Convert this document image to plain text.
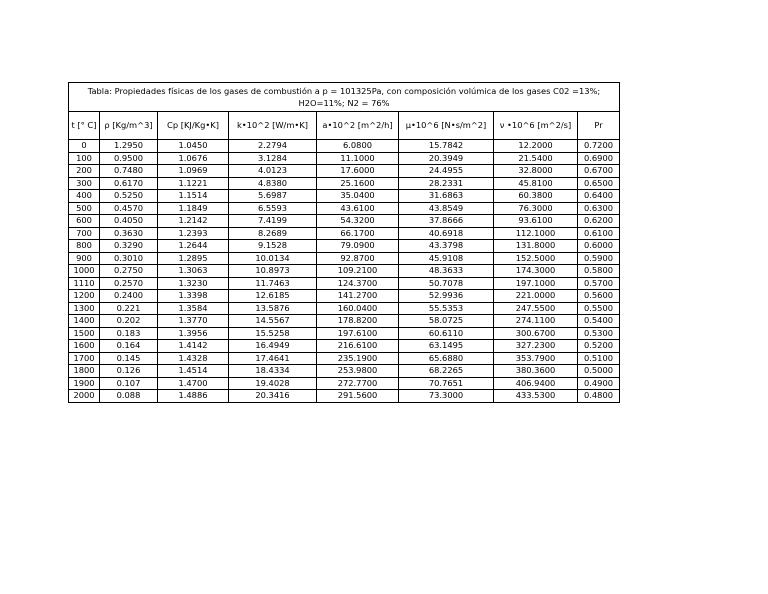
Tabla: Propiedades físicas de los gases de combustión a p = 101325Pa, con composición volúmica de los gases C02 =13%; H2O=11%; N2 = 76%							
t [° C]	ρ [Kg/m^3]	Cp [KJ/Kg•K]	k•10^2 [W/m•K]	a•10^2 [m^2/h]	μ•10^6 [N•s/m^2]	ν •10^6 [m^2/s]	Pr
0	1.2950	1.0450	2.2794	6.0800	15.7842	12.2000	0.7200
100	0.9500	1.0676	3.1284	11.1000	20.3949	21.5400	0.6900
200	0.7480	1.0969	4.0123	17.6000	24.4955	32.8000	0.6700
300	0.6170	1.1221	4.8380	25.1600	28.2331	45.8100	0.6500
400	0.5250	1.1514	5.6987	35.0400	31.6863	60.3800	0.6400
500	0.4570	1.1849	6.5593	43.6100	43.8549	76.3000	0.6300
600	0.4050	1.2142	7.4199	54.3200	37.8666	93.6100	0.6200
700	0.3630	1.2393	8.2689	66.1700	40.6918	112.1000	0.6100
800	0.3290	1.2644	9.1528	79.0900	43.3798	131.8000	0.6000
900	0.3010	1.2895	10.0134	92.8700	45.9108	152.5000	0.5900
1000	0.2750	1.3063	10.8973	109.2100	48.3633	174.3000	0.5800
1110	0.2570	1.3230	11.7463	124.3700	50.7078	197.1000	0.5700
1200	0.2400	1.3398	12.6185	141.2700	52.9936	221.0000	0.5600
1300	0.221	1.3584	13.5876	160.0400	55.5353	247.5500	0.5500
1400	0.202	1.3770	14.5567	178.8200	58.0725	274.1100	0.5400
1500	0.183	1.3956	15.5258	197.6100	60.6110	300.6700	0.5300
1600	0.164	1.4142	16.4949	216.6100	63.1495	327.2300	0.5200
1700	0.145	1.4328	17.4641	235.1900	65.6880	353.7900	0.5100
1800	0.126	1.4514	18.4334	253.9800	68.2265	380.3600	0.5000
1900	0.107	1.4700	19.4028	272.7700	70.7651	406.9400	0.4900
2000	0.088	1.4886	20.3416	291.5600	73.3000	433.5300	0.4800
